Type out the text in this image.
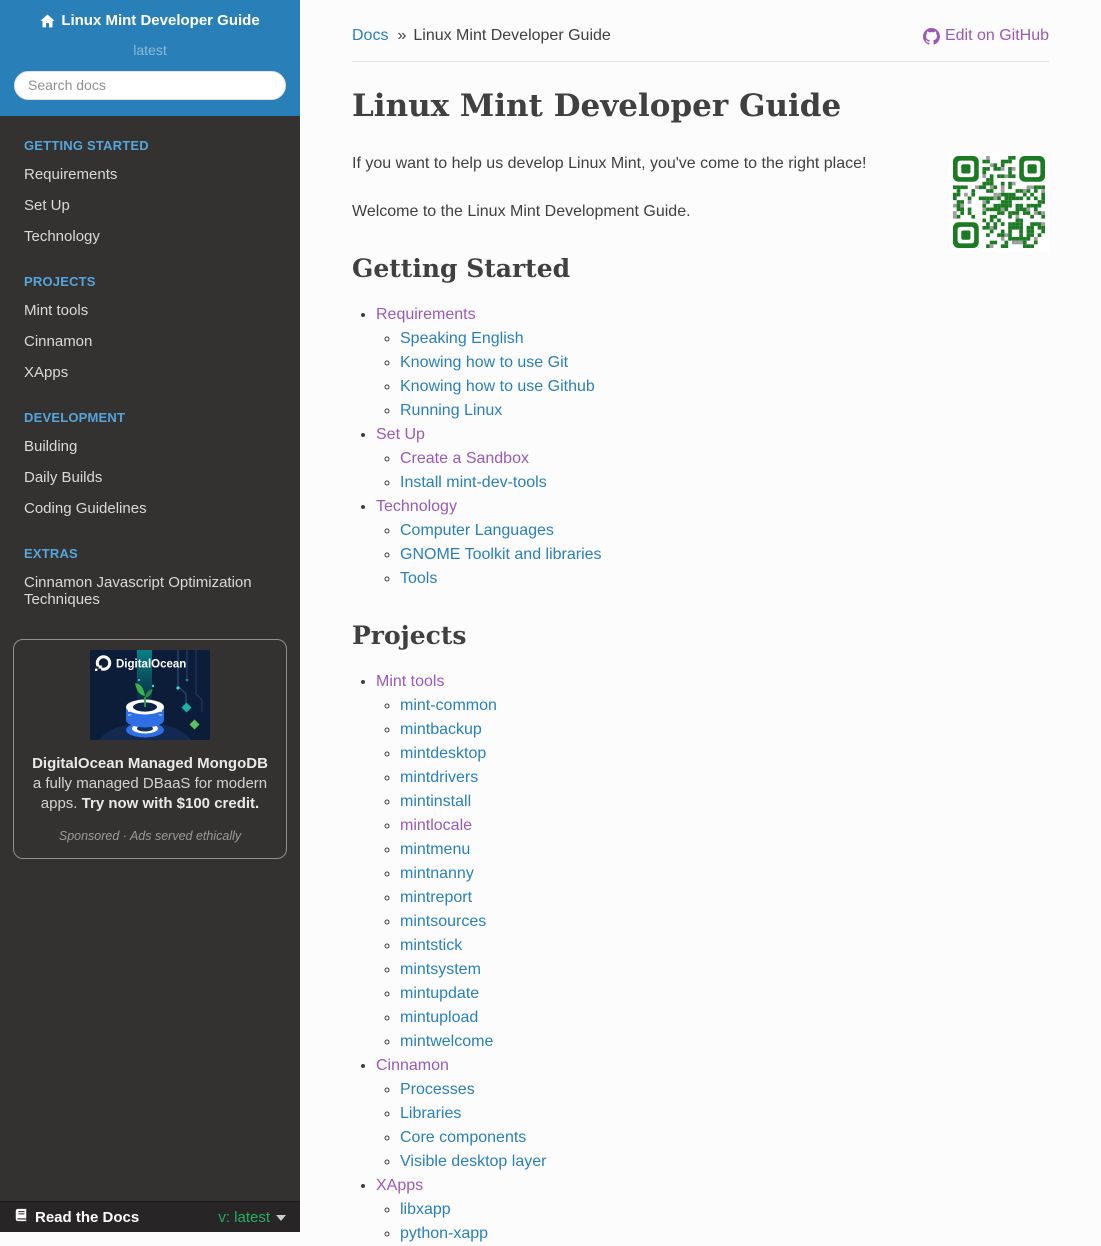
Linux Mint Developer Guide
latest
Search docs

GETTING STARTED

Requirements
Set Up
Technology

PROJECTS

Mint tools
Cinnamon
XApps

DEVELOPMENT

Building
Daily Builds
Coding Guidelines

EXTRAS

Cinnamon Javascript Optimization Techniques
DigitalOcean
DigitalOcean Managed MongoDB a fully managed DBaaS for modern apps. Try now with $100 credit.
Sponsored · Ads served ethically
Read the Docs	v: latest
Docs » Linux Mint Developer Guide	Edit on GitHub
Linux Mint Developer Guide

If you want to help us develop Linux Mint, you've come to the right place!

Welcome to the Linux Mint Development Guide.

Getting Started
• Requirements
◦ Speaking English
◦ Knowing how to use Git
◦ Knowing how to use Github
◦ Running Linux
• Set Up
◦ Create a Sandbox
◦ Install mint-dev-tools
• Technology
◦ Computer Languages
◦ GNOME Toolkit and libraries
◦ Tools
Projects
• Mint tools
◦ mint-common
◦ mintbackup
◦ mintdesktop
◦ mintdrivers
◦ mintinstall
◦ mintlocale
◦ mintmenu
◦ mintnanny
◦ mintreport
◦ mintsources
◦ mintstick
◦ mintsystem
◦ mintupdate
◦ mintupload
◦ mintwelcome
• Cinnamon
◦ Processes
◦ Libraries
◦ Core components
◦ Visible desktop layer
• XApps
◦ libxapp
◦ python-xapp
